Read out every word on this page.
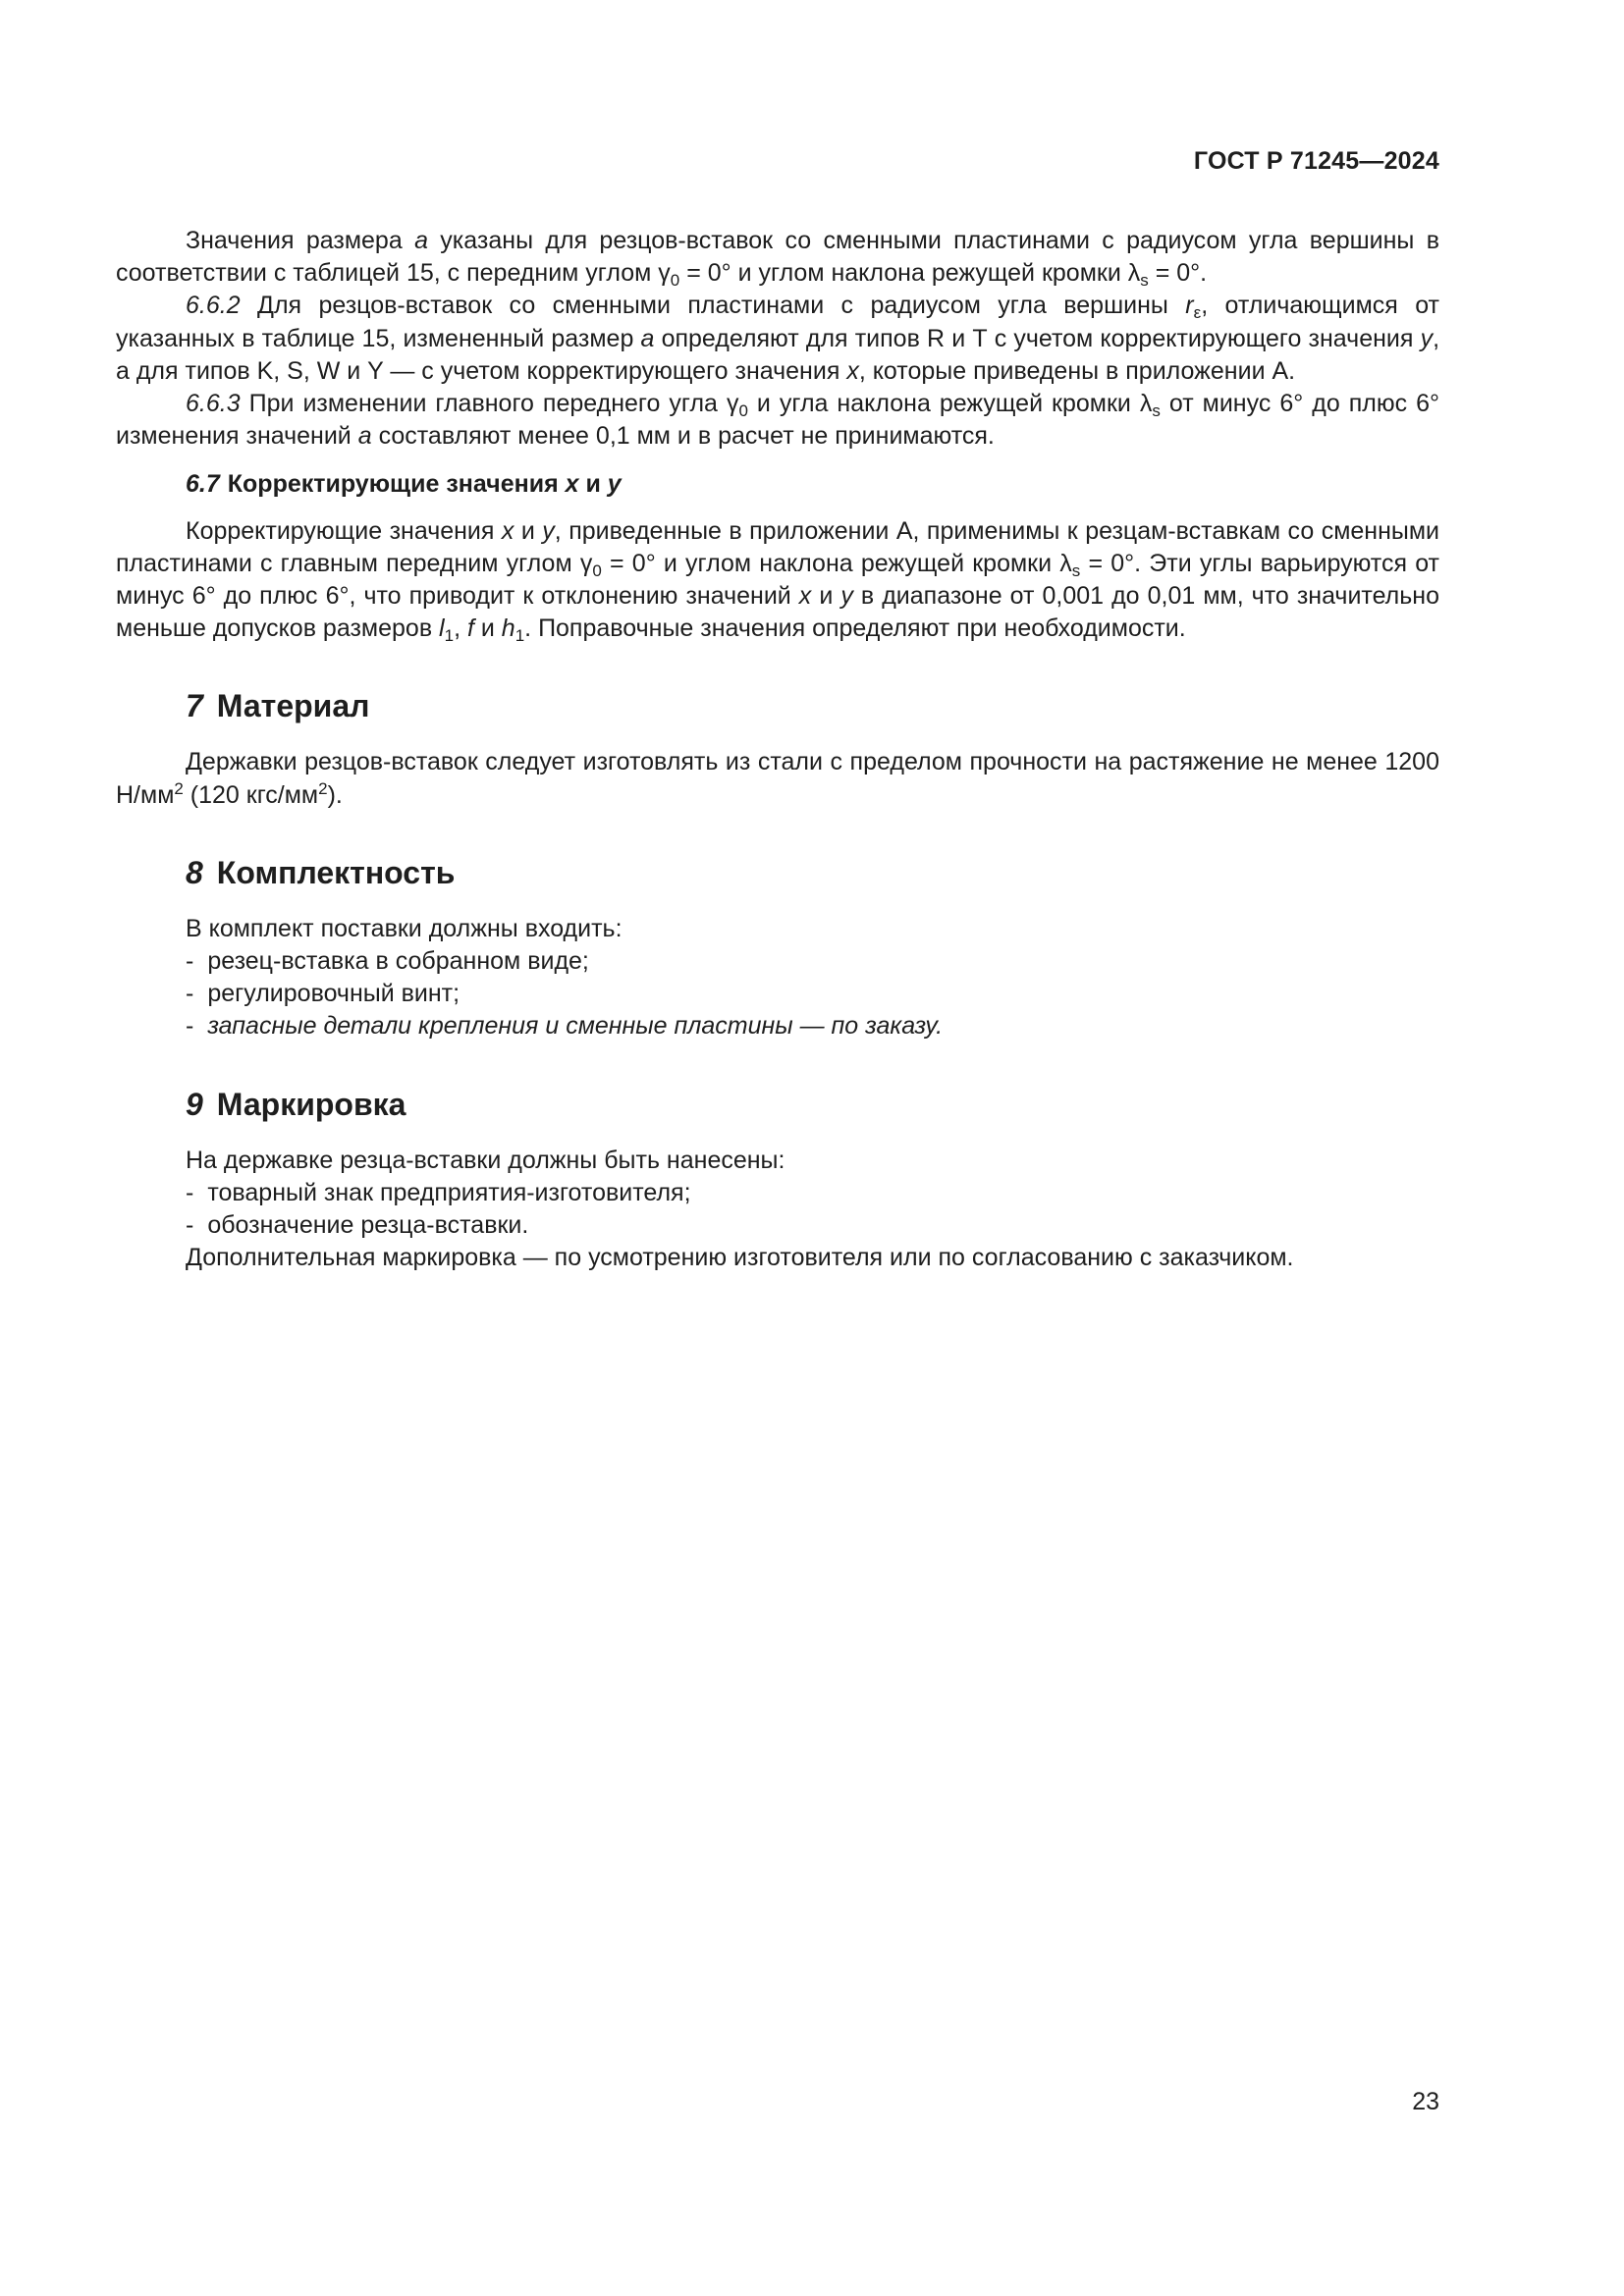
ГОСТ Р 71245—2024

Значения размера a указаны для резцов-вставок со сменными пластинами с радиусом угла вершины в соответствии с таблицей 15, с передним углом $\gamma_0 = 0^\circ$ и углом наклона режущей кромки $\lambda_s = 0^\circ$.

6.6.2 Для резцов-вставок со сменными пластинами с радиусом угла вершины $r_\varepsilon$, отличающимся от указанных в таблице 15, измененный размер a определяют для типов R и Т с учетом корректирующего значения y, а для типов K, S, W и Y — с учетом корректирующего значения x, которые приведены в приложении А.

6.6.3 При изменении главного переднего угла $\gamma_0$ и угла наклона режущей кромки $\lambda_s$ от минус 6° до плюс 6° изменения значений a составляют менее 0,1 мм и в расчет не принимаются.

6.7 Корректирующие значения x и y

Корректирующие значения x и y, приведенные в приложении А, применимы к резцам-вставкам со сменными пластинами с главным передним углом $\gamma_0 = 0^\circ$ и углом наклона режущей кромки $\lambda_s = 0^\circ$. Эти углы варьируются от минус 6° до плюс 6°, что приводит к отклонению значений x и y в диапазоне от 0,001 до 0,01 мм, что значительно меньше допусков размеров $l_1$, f и $h_1$. Поправочные значения определяют при необходимости.

7 Материал

Державки резцов-вставок следует изготовлять из стали с пределом прочности на растяжение не менее 1200 $Н/мм^2$ (120 кгс/$мм^2$).

8 Комплектность

В комплект поставки должны входить:

- резец-вставка в собранном виде;

- регулировочный винт;

- запасные детали крепления и сменные пластины — по заказу.

9 Маркировка

На державке резца-вставки должны быть нанесены:

- товарный знак предприятия-изготовителя;

- обозначение резца-вставки.

Дополнительная маркировка — по усмотрению изготовителя или по согласованию с заказчиком.

23
